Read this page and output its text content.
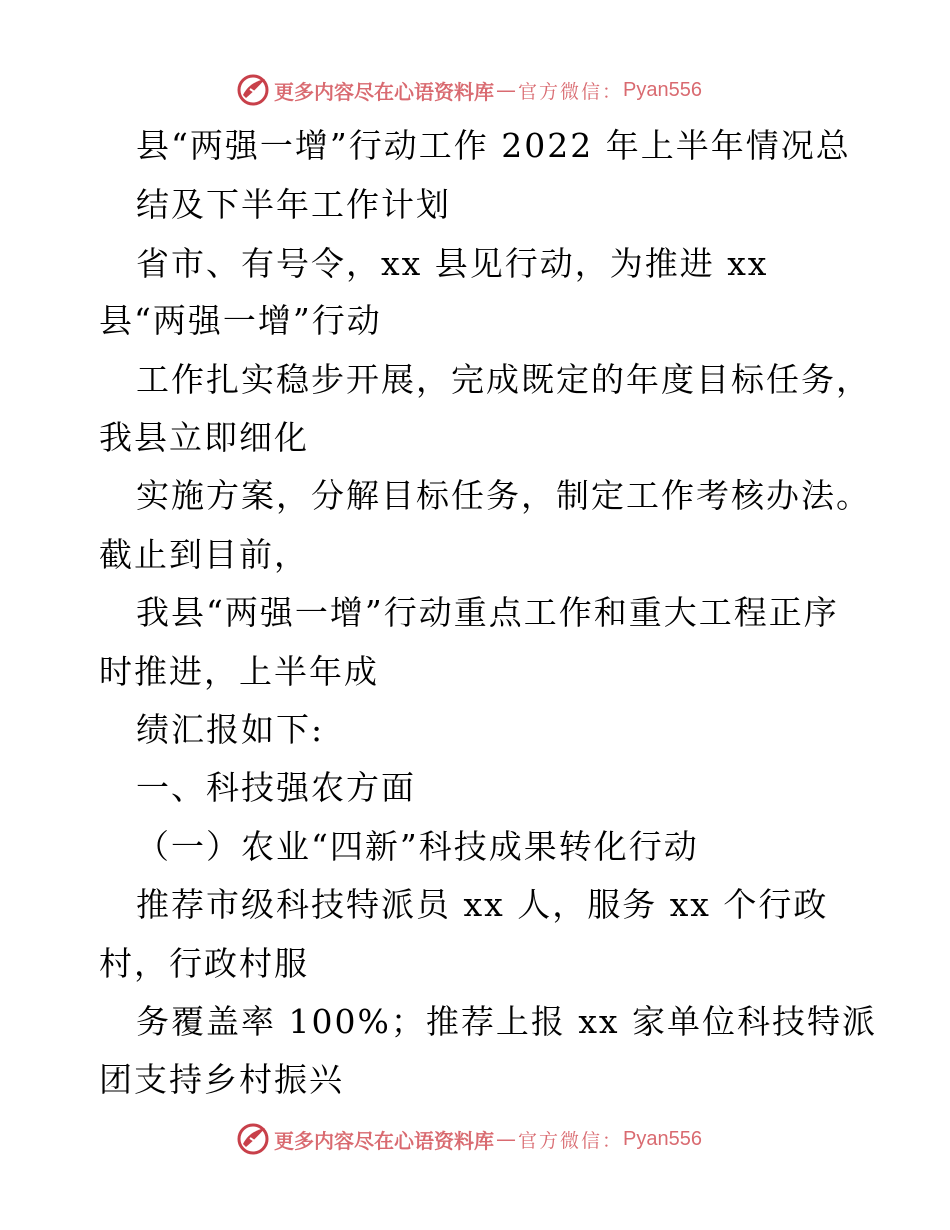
更多内容尽在心语资料库 — 官方微信： Pyan556
县“两强一增”行动工作 2022 年上半年情况总
结及下半年工作计划
省市、有号令，xx 县见行动，为推进 xx
县“两强一增”行动
工作扎实稳步开展，完成既定的年度目标任务，
我县立即细化
实施方案，分解目标任务，制定工作考核办法。
截止到目前，
我县“两强一增”行动重点工作和重大工程正序
时推进，上半年成
绩汇报如下:
一、科技强农方面
（一）农业“四新”科技成果转化行动
推荐市级科技特派员 xx 人，服务 xx 个行政
村，行政村服
务覆盖率 100%；推荐上报 xx 家单位科技特派
团支持乡村振兴
更多内容尽在心语资料库 — 官方微信： Pyan556
